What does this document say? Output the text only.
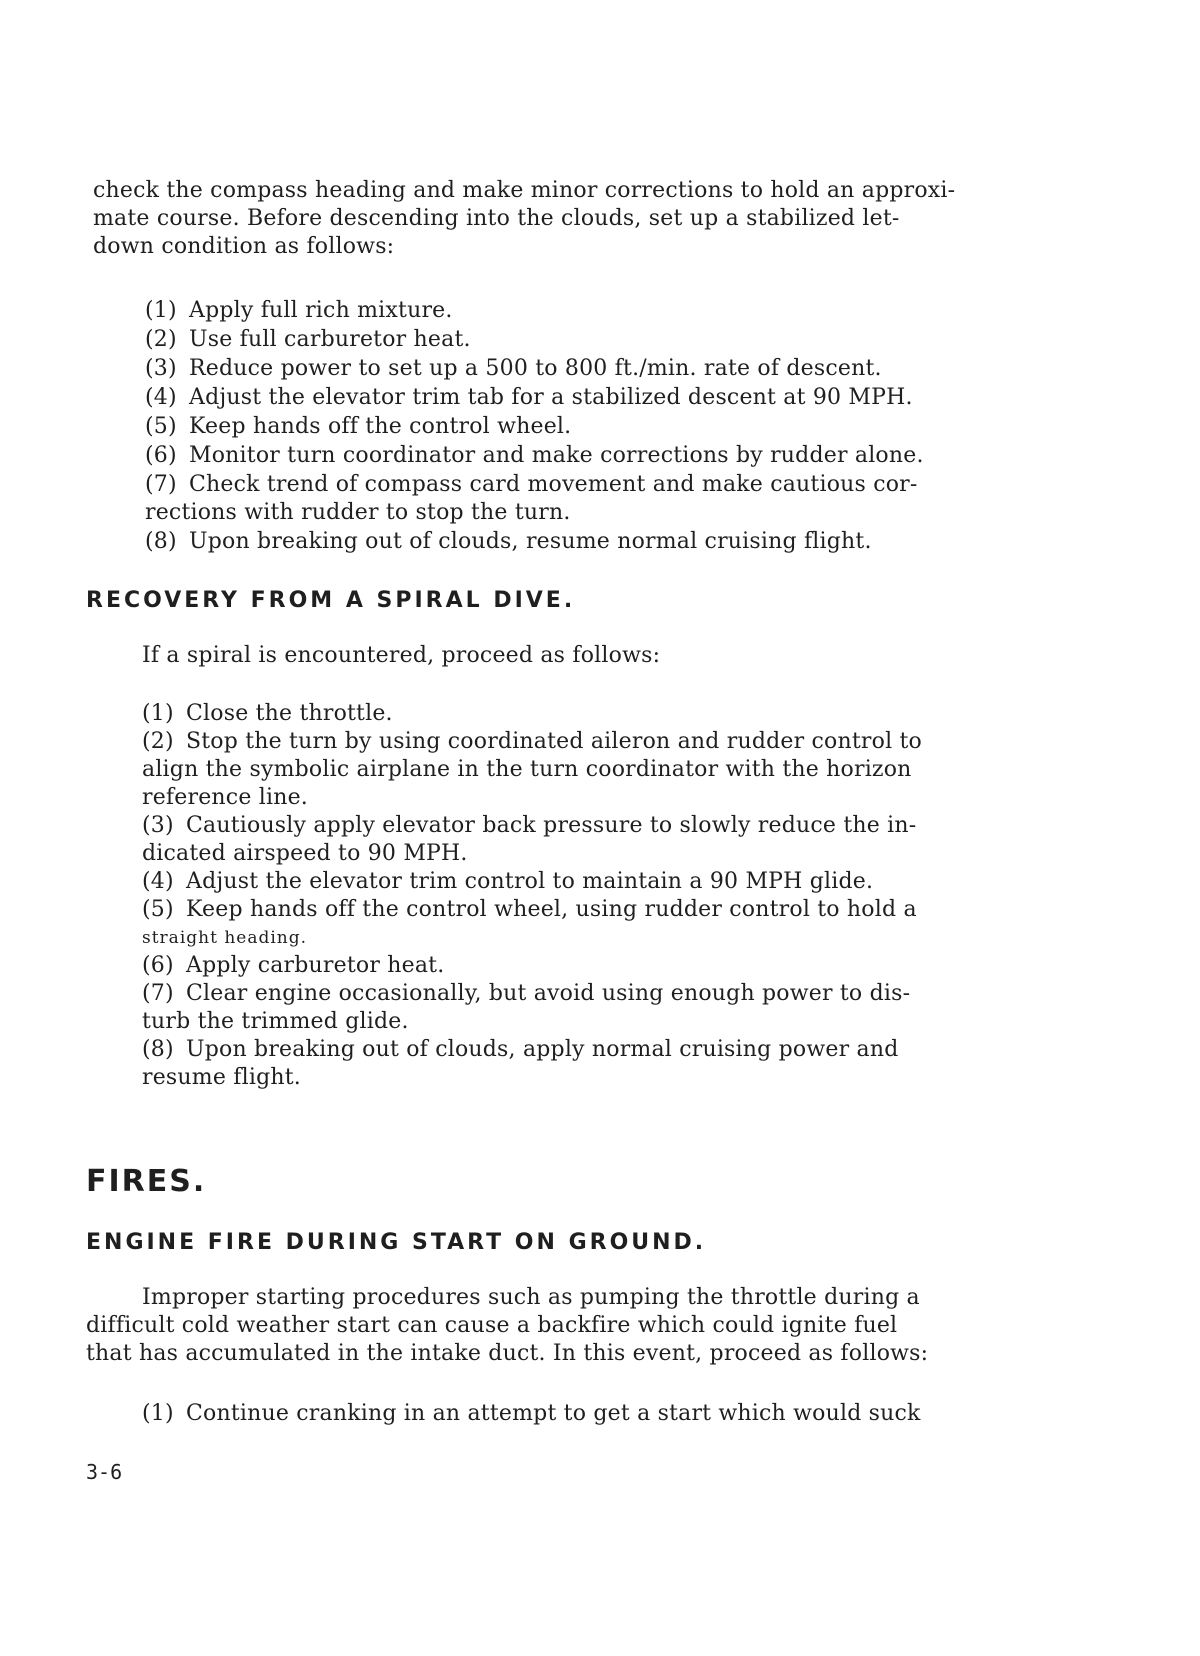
check the compass heading and make minor corrections to hold an approxi-
mate course. Before descending into the clouds, set up a stabilized let-
down condition as follows:
(1) Apply full rich mixture.
(2) Use full carburetor heat.
(3) Reduce power to set up a 500 to 800 ft./min. rate of descent.
(4) Adjust the elevator trim tab for a stabilized descent at 90 MPH.
(5) Keep hands off the control wheel.
(6) Monitor turn coordinator and make corrections by rudder alone.
(7) Check trend of compass card movement and make cautious cor-
rections with rudder to stop the turn.
(8) Upon breaking out of clouds, resume normal cruising flight.
RECOVERY FROM A SPIRAL DIVE.
If a spiral is encountered, proceed as follows:
(1) Close the throttle.
(2) Stop the turn by using coordinated aileron and rudder control to
align the symbolic airplane in the turn coordinator with the horizon
reference line.
(3) Cautiously apply elevator back pressure to slowly reduce the in-
dicated airspeed to 90 MPH.
(4) Adjust the elevator trim control to maintain a 90 MPH glide.
(5) Keep hands off the control wheel, using rudder control to hold a
straight heading.
(6) Apply carburetor heat.
(7) Clear engine occasionally, but avoid using enough power to dis-
turb the trimmed glide.
(8) Upon breaking out of clouds, apply normal cruising power and
resume flight.
FIRES.
ENGINE FIRE DURING START ON GROUND.
Improper starting procedures such as pumping the throttle during a
difficult cold weather start can cause a backfire which could ignite fuel
that has accumulated in the intake duct. In this event, proceed as follows:
(1) Continue cranking in an attempt to get a start which would suck
3-6
